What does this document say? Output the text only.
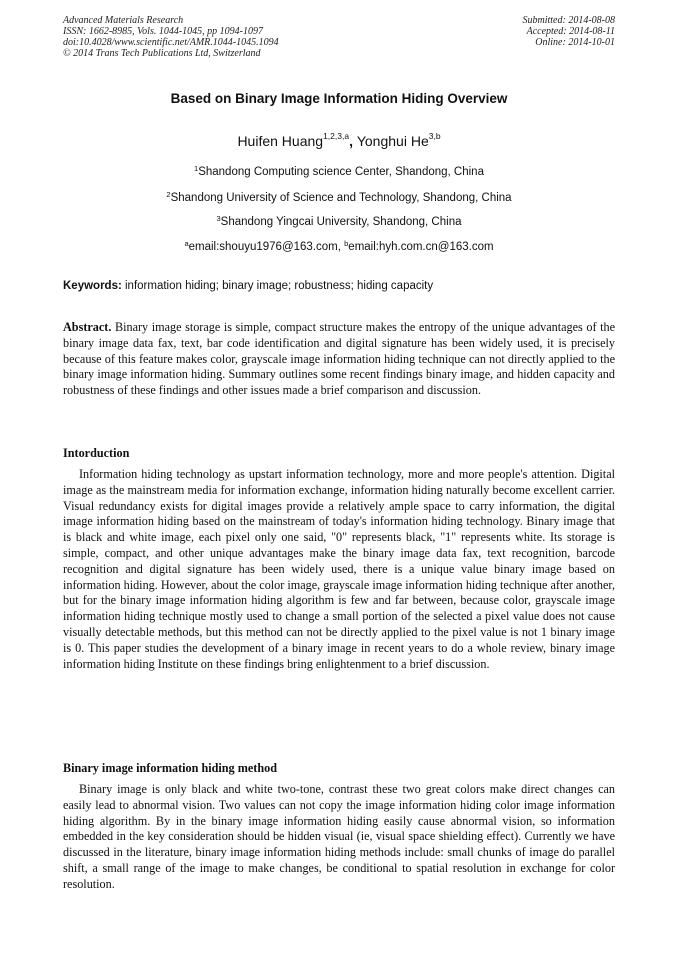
Advanced Materials Research
ISSN: 1662-8985, Vols. 1044-1045, pp 1094-1097
doi:10.4028/www.scientific.net/AMR.1044-1045.1094
© 2014 Trans Tech Publications Ltd, Switzerland
Submitted: 2014-08-08
Accepted: 2014-08-11
Online: 2014-10-01
Based on Binary Image Information Hiding Overview
Huifen Huang$^{1,2,3,a}$, Yonghui He$^{3,b}$
$^1$Shandong Computing science Center, Shandong, China
$^2$Shandong University of Science and Technology, Shandong, China
$^3$Shandong Yingcai University, Shandong, China
$^a$email:shouyu1976@163.com, $^b$email:hyh.com.cn@163.com
Keywords: information hiding; binary image; robustness; hiding capacity
Abstract. Binary image storage is simple, compact structure makes the entropy of the unique advantages of the binary image data fax, text, bar code identification and digital signature has been widely used, it is precisely because of this feature makes color, grayscale image information hiding technique can not directly applied to the binary image information hiding. Summary outlines some recent findings binary image, and hidden capacity and robustness of these findings and other issues made a brief comparison and discussion.
Intorduction
Information hiding technology as upstart information technology, more and more people's attention. Digital image as the mainstream media for information exchange, information hiding naturally become excellent carrier. Visual redundancy exists for digital images provide a relatively ample space to carry information, the digital image information hiding based on the mainstream of today's information hiding technology. Binary image that is black and white image, each pixel only one said, "0" represents black, "1" represents white. Its storage is simple, compact, and other unique advantages make the binary image data fax, text recognition, barcode recognition and digital signature has been widely used, there is a unique value binary image based on information hiding. However, about the color image, grayscale image information hiding technique after another, but for the binary image information hiding algorithm is few and far between, because color, grayscale image information hiding technique mostly used to change a small portion of the selected a pixel value does not cause visually detectable methods, but this method can not be directly applied to the pixel value is not 1 binary image is 0. This paper studies the development of a binary image in recent years to do a whole review, binary image information hiding Institute on these findings bring enlightenment to a brief discussion.
Binary image information hiding method
Binary image is only black and white two-tone, contrast these two great colors make direct changes can easily lead to abnormal vision. Two values can not copy the image information hiding color image information hiding algorithm. By in the binary image information hiding easily cause abnormal vision, so information embedded in the key consideration should be hidden visual (ie, visual space shielding effect). Currently we have discussed in the literature, binary image information hiding methods include: small chunks of image do parallel shift, a small range of the image to make changes, be conditional to spatial resolution in exchange for color resolution.
